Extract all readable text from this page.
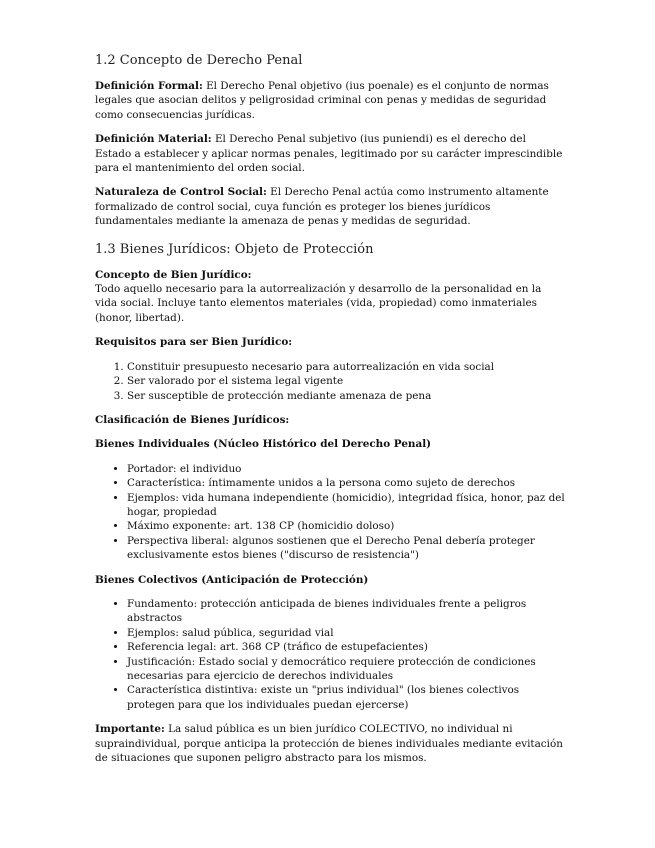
1.2 Concepto de Derecho Penal

Definición Formal: El Derecho Penal objetivo (ius poenale) es el conjunto de normas legales que asocian delitos y peligrosidad criminal con penas y medidas de seguridad como consecuencias jurídicas.

Definición Material: El Derecho Penal subjetivo (ius puniendi) es el derecho del Estado a establecer y aplicar normas penales, legitimado por su carácter imprescindible para el mantenimiento del orden social.

Naturaleza de Control Social: El Derecho Penal actúa como instrumento altamente formalizado de control social, cuya función es proteger los bienes jurídicos fundamentales mediante la amenaza de penas y medidas de seguridad.

1.3 Bienes Jurídicos: Objeto de Protección
Concepto de Bien Jurídico:

Todo aquello necesario para la autorrealización y desarrollo de la personalidad en la vida social. Incluye tanto elementos materiales (vida, propiedad) como inmateriales (honor, libertad).

Requisitos para ser Bien Jurídico:
1. Constituir presupuesto necesario para autorrealización en vida social
2. Ser valorado por el sistema legal vigente
3. Ser susceptible de protección mediante amenaza de pena
Clasificación de Bienes Jurídicos:
Bienes Individuales (Núcleo Histórico del Derecho Penal)
• Portador: el individuo
• Característica: íntimamente unidos a la persona como sujeto de derechos
• Ejemplos: vida humana independiente (homicidio), integridad física, honor, paz del hogar, propiedad
• Máximo exponente: art. 138 CP (homicidio doloso)
• Perspectiva liberal: algunos sostienen que el Derecho Penal debería proteger exclusivamente estos bienes ("discurso de resistencia")
Bienes Colectivos (Anticipación de Protección)
• Fundamento: protección anticipada de bienes individuales frente a peligros abstractos
• Ejemplos: salud pública, seguridad vial
• Referencia legal: art. 368 CP (tráfico de estupefacientes)
• Justificación: Estado social y democrático requiere protección de condiciones necesarias para ejercicio de derechos individuales
• Característica distintiva: existe un "prius individual" (los bienes colectivos protegen para que los individuales puedan ejercerse)

Importante: La salud pública es un bien jurídico COLECTIVO, no individual ni supraindividual, porque anticipa la protección de bienes individuales mediante evitación de situaciones que suponen peligro abstracto para los mismos.
